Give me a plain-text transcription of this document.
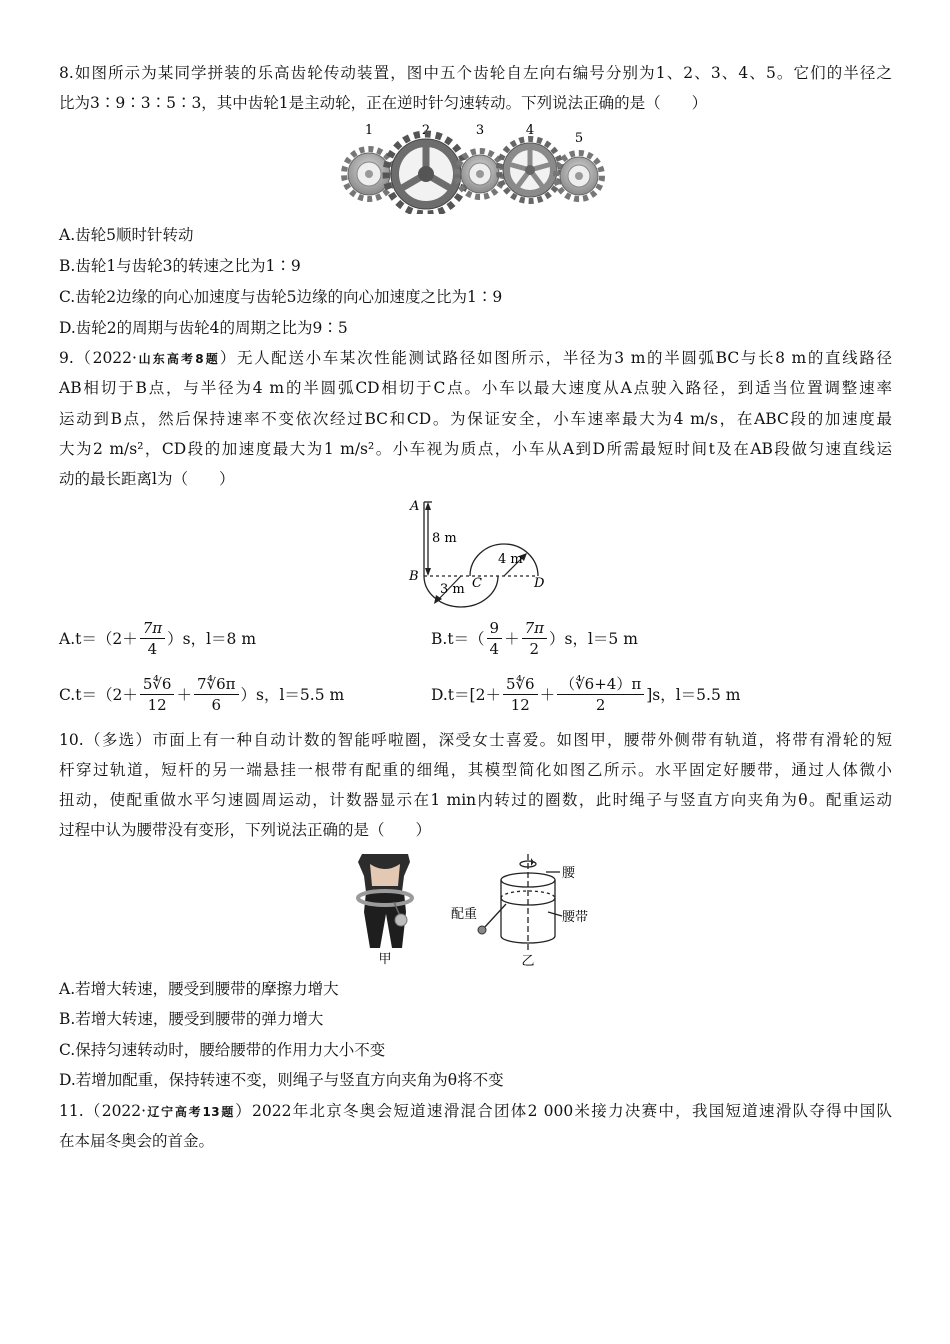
8.如图所示为某同学拼装的乐高齿轮传动装置，图中五个齿轮自左向右编号分别为1、2、3、4、5。它们的半径之
比为3∶9∶3∶5∶3，其中齿轮1是主动轮，正在逆时针匀速转动。下列说法正确的是（　　）
1	2	3	4
5
A.齿轮5顺时针转动
B.齿轮1与齿轮3的转速之比为1∶9
C.齿轮2边缘的向心加速度与齿轮5边缘的向心加速度之比为1∶9
D.齿轮2的周期与齿轮4的周期之比为9∶5
9.（2022·山东高考8题）无人配送小车某次性能测试路径如图所示，半径为3 m的半圆弧BC与长8 m的直线路径
AB相切于B点，与半径为4 m的半圆弧CD相切于C点。小车以最大速度从A点驶入路径，到适当位置调整速率
运动到B点，然后保持速率不变依次经过BC和CD。为保证安全，小车速率最大为4 m/s，在ABC段的加速度最
大为2 m/s²，CD段的加速度最大为1 m/s²。小车视为质点，小车从A到D所需最短时间t及在AB段做匀速直线运
动的最长距离l为（　　）
A
B	C	D
8 m
3 m
4 m
$A.t=(2+ \frac{7\pi}{4} )s$，l＝8 m	$B.t=( \frac{9}{4} + \frac{7\pi}{2} )s$，l＝5 m
$C.t=(2+ \frac{5∜6}{12} + \frac{7∜6\pi}{6} )s$，l＝5.5 m	$D.t=[2+ \frac{5∜6}{12} + \frac{(∜6+4)\pi}{2} ]s$，l＝5.5 m
10.（多选）市面上有一种自动计数的智能呼啦圈，深受女士喜爱。如图甲，腰带外侧带有轨道，将带有滑轮的短
杆穿过轨道，短杆的另一端悬挂一根带有配重的细绳，其模型简化如图乙所示。水平固定好腰带，通过人体微小
扭动，使配重做水平匀速圆周运动，计数器显示在1 min内转过的圈数，此时绳子与竖直方向夹角为θ。配重运动
过程中认为腰带没有变形，下列说法正确的是（　　）
甲
腰
配重	腰带
乙
A.若增大转速，腰受到腰带的摩擦力增大
B.若增大转速，腰受到腰带的弹力增大
C.保持匀速转动时，腰给腰带的作用力大小不变
D.若增加配重，保持转速不变，则绳子与竖直方向夹角为θ将不变
11.（2022·辽宁高考13题）2022年北京冬奥会短道速滑混合团体2 000米接力决赛中，我国短道速滑队夺得中国队
在本届冬奥会的首金。
